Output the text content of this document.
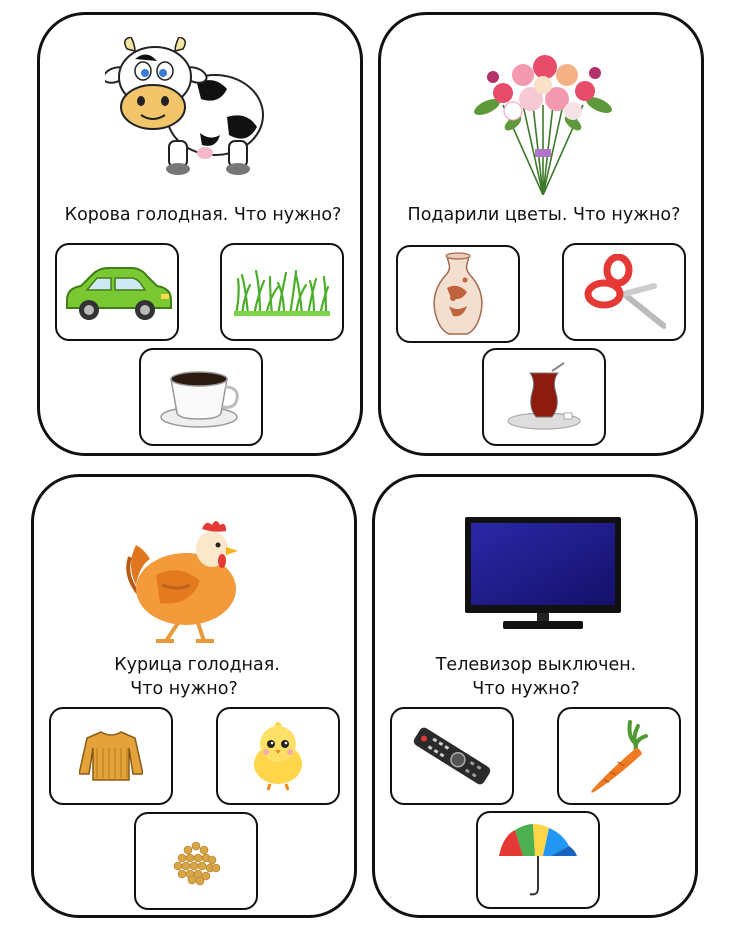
Корова голодная. Что нужно?	Подарили цветы. Что нужно?
Курица голодная.
Что нужно?
Телевизор выключен.
Что нужно?
